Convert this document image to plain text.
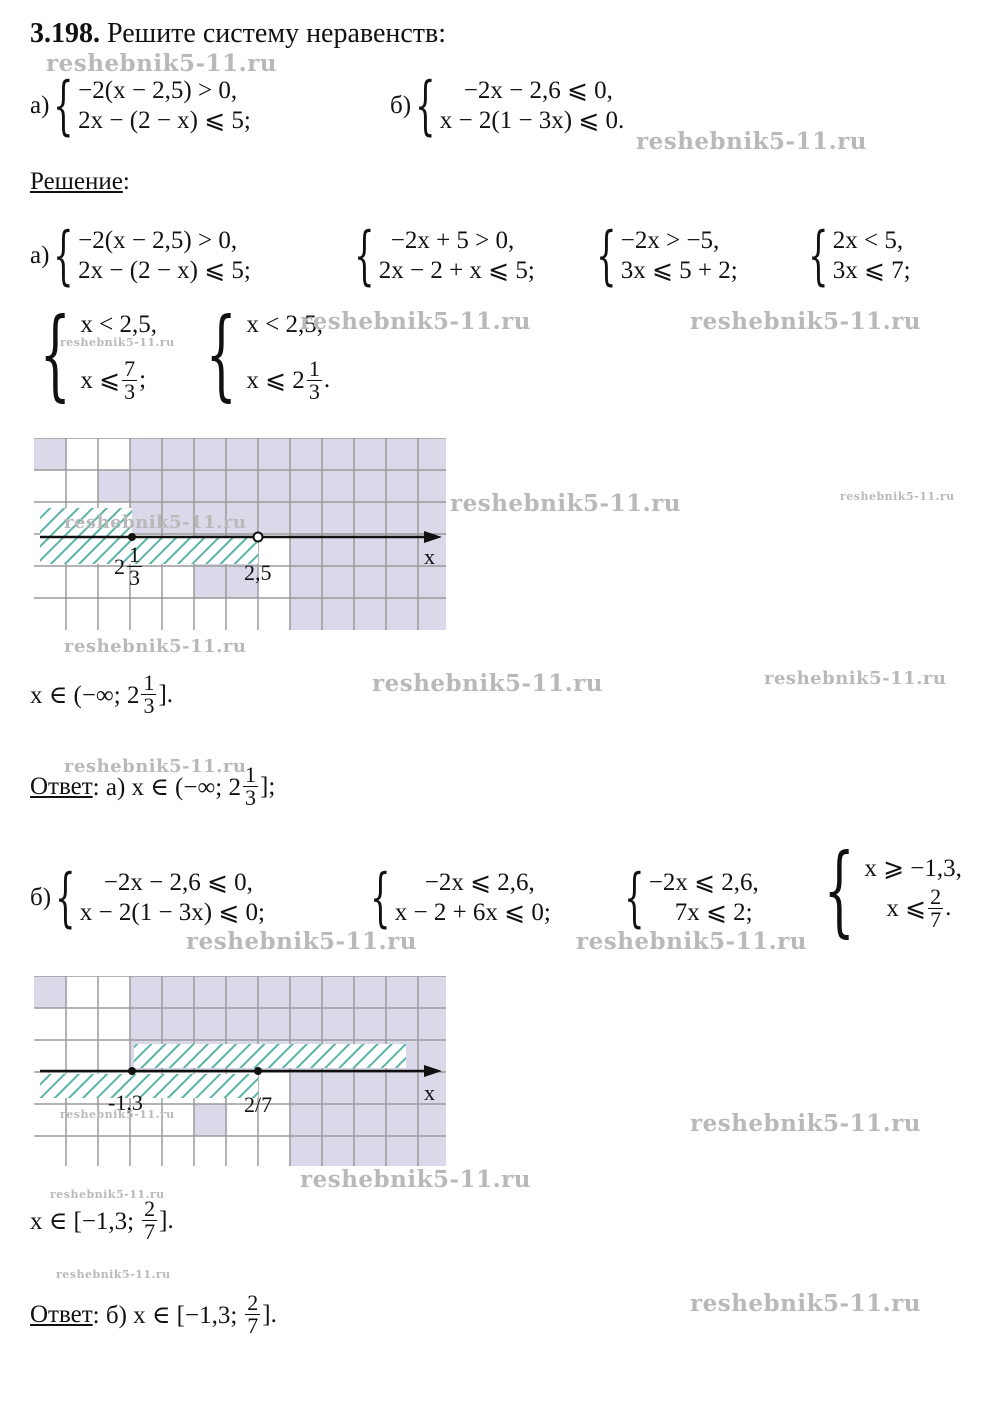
3.198. Решите систему неравенств:
reshebnik5-11.ru
а) { −2(x − 2,5) > 0,
2x − (2 − x) ⩽ 5;
б) {	−2x − 2,6 ⩽ 0,
x − 2(1 − 3x) ⩽ 0.
reshebnik5-11.ru
Решение:
а) { −2(x − 2,5) > 0,
2x − (2 − x) ⩽ 5; { −2x + 5 > 0,
2x − 2 + x ⩽ 5; { −2x > −5,
3x ⩽ 5 + 2; { 2x < 5,
3x ⩽ 7;
{ x < 2,5,
x ⩽ $\frac{7}{3}$ ;
reshebnik5-11.ru { x < 2,5,
x ⩽ $2 \frac{1}{3}$ .
reshebnik5-11.ru	reshebnik5-11.ru
x
$2 \frac{1}{3}$	2,5
reshebnik5-11.ru
reshebnik5-11.ru	reshebnik5-11.ru
reshebnik5-11.ru
reshebnik5-11.ru	reshebnik5-11.ru
x ∈ (−∞; $2 \frac{1}{3}$ ].
reshebnik5-11.ru
Ответ : а) x ∈ (−∞; $2 \frac{1}{3}$ ];
б) {	−2x − 2,6 ⩽ 0,
x − 2(1 − 3x) ⩽ 0; {	−2x ⩽ 2,6,
x − 2 + 6x ⩽ 0; { −2x ⩽ 2,6,
7x ⩽ 2; { x ⩾ −1,3,
x ⩽ $\frac{2}{7}$ .
reshebnik5-11.ru	reshebnik5-11.ru
x
-1,3	2/7
reshebnik5-11.ru	reshebnik5-11.ru
reshebnik5-11.ru
reshebnik5-11.ru
x ∈ [−1,3; $\frac{2}{7}$ ].
reshebnik5-11.ru
reshebnik5-11.ru
Ответ : б) x ∈ [−1,3; $\frac{2}{7}$ ].
